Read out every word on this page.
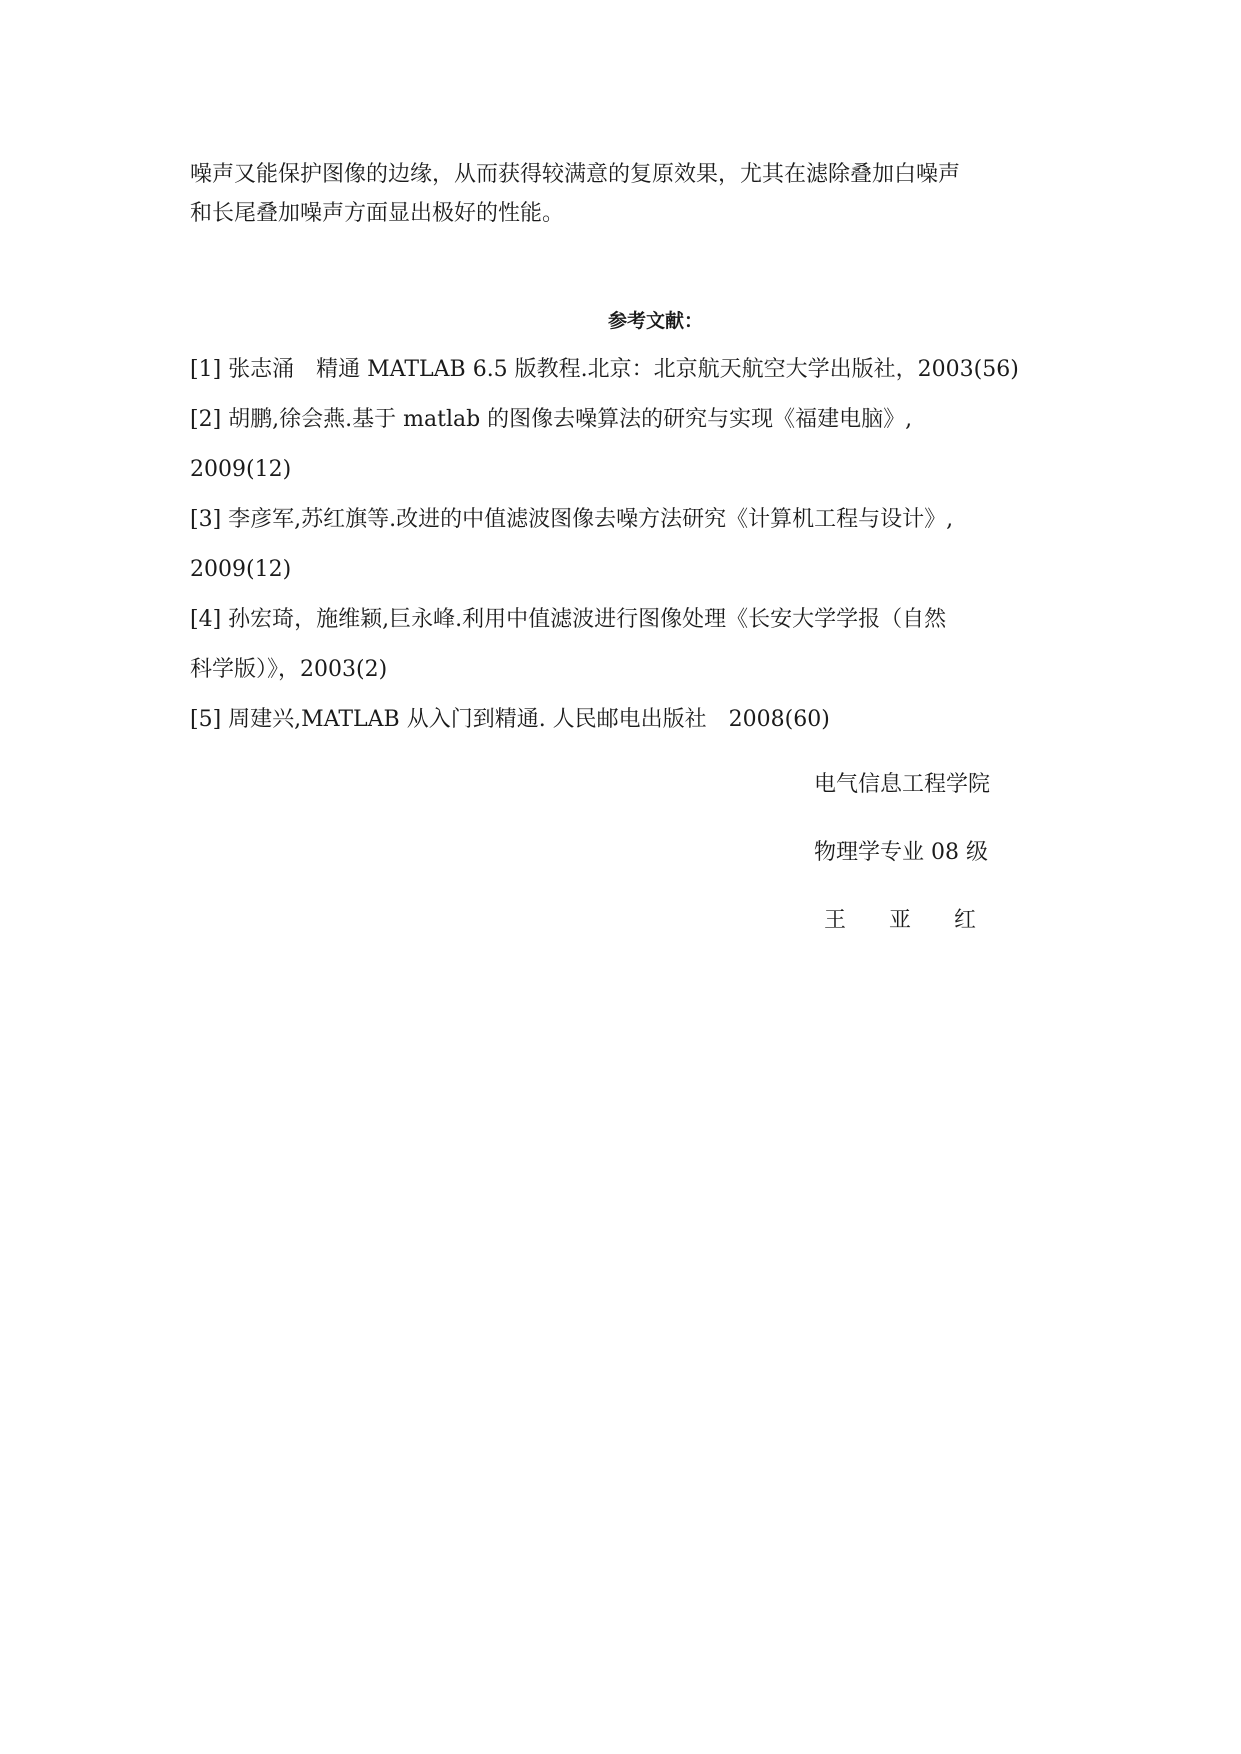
噪声又能保护图像的边缘，从而获得较满意的复原效果，尤其在滤除叠加白噪声
和长尾叠加噪声方面显出极好的性能。
参考文献：
[1] 张志涌　精通 MATLAB 6.5 版教程.北京：北京航天航空大学出版社，2003(56)
[2] 胡鹏,徐会燕.基于 matlab 的图像去噪算法的研究与实现《福建电脑》,
2009(12)
[3] 李彦军,苏红旗等.改进的中值滤波图像去噪方法研究《计算机工程与设计》,
2009(12)
[4] 孙宏琦，施维颖,巨永峰.利用中值滤波进行图像处理《长安大学学报（自然
科学版）》，2003(2)
[5] 周建兴,MATLAB 从入门到精通. 人民邮电出版社　2008(60)
电气信息工程学院
物理学专业 08 级
王 亚 红
